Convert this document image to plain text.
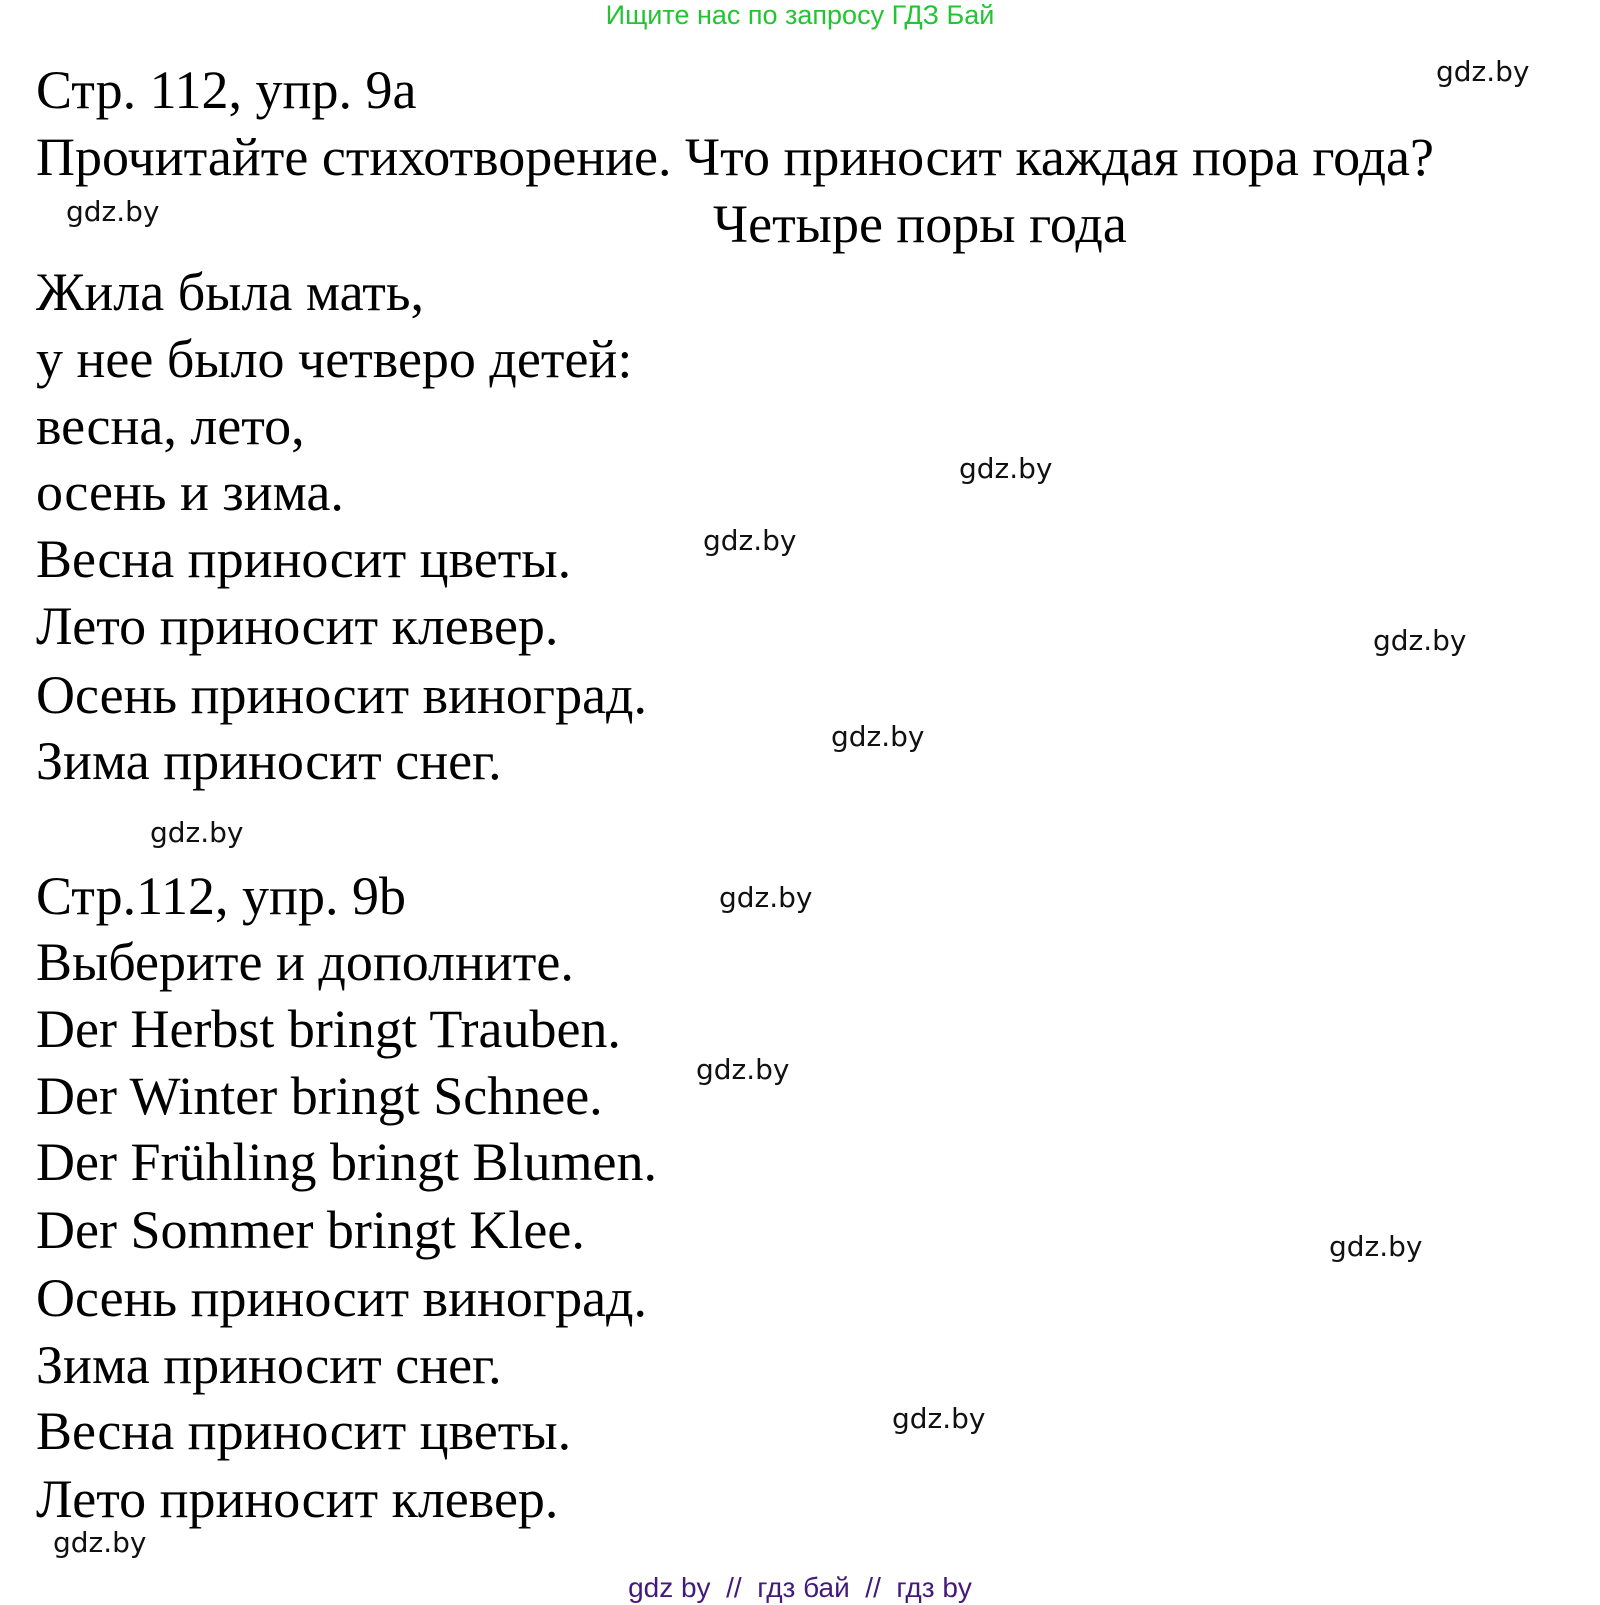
Ищите нас по запросу ГДЗ Бай
Стр. 112, упр. 9а
Прочитайте стихотворение. Что приносит каждая пора года?
Четыре поры года
Жила была мать,
у нее было четверо детей:
весна, лето,
осень и зима.
Весна приносит цветы.
Лето приносит клевер.
Осень приносит виноград.
Зима приносит снег.
Стр.112, упр. 9b
Выберите и дополните.
Der Herbst bringt Trauben.
Der Winter bringt Schnee.
Der Frühling bringt Blumen.
Der Sommer bringt Klee.
Осень приносит виноград.
Зима приносит снег.
Весна приносит цветы.
Лето приносит клевер.
gdz.by
gdz.by
gdz.by
gdz.by
gdz.by
gdz.by
gdz.by
gdz.by
gdz.by
gdz.by
gdz.by
gdz.by
gdz by  //  гдз бай  //  гдз by
